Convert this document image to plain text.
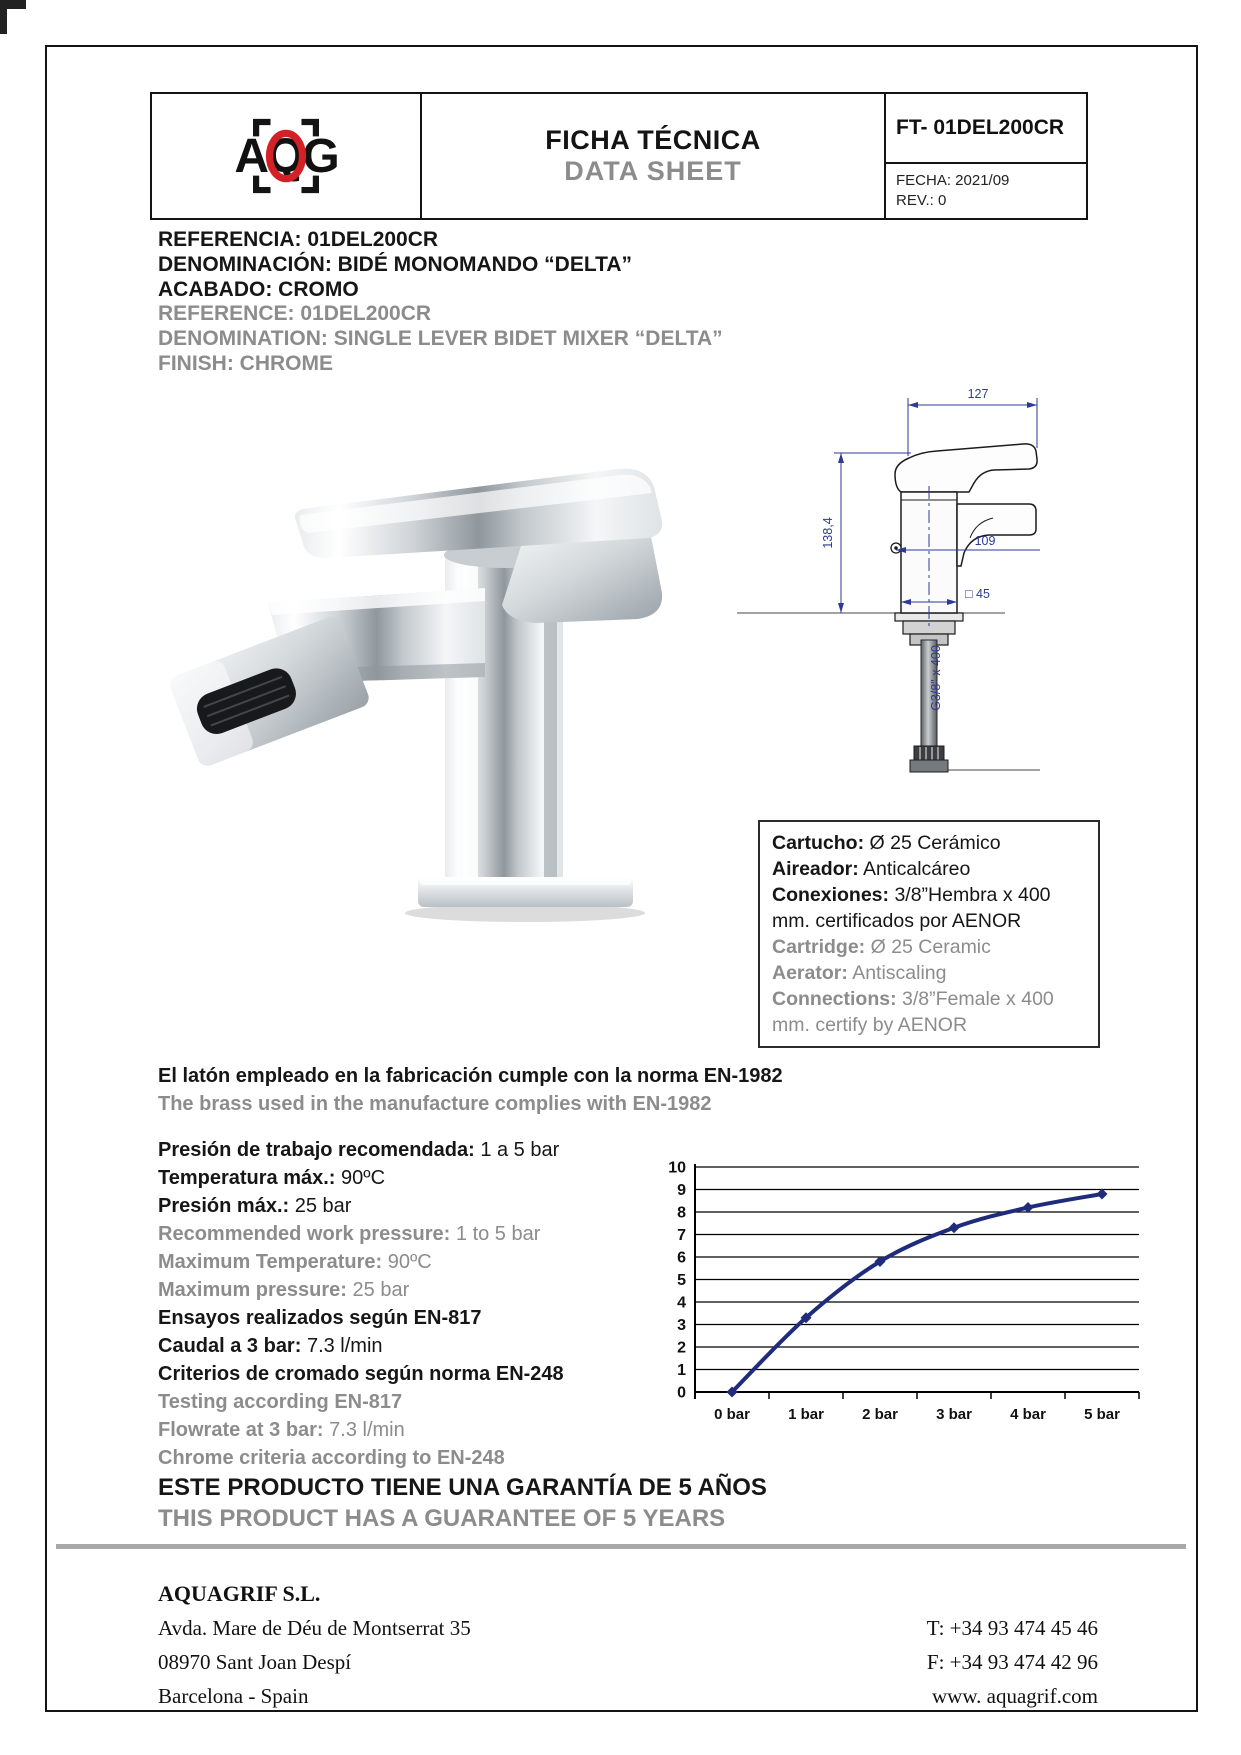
AQG	FICHA TÉCNICA
DATA SHEET
FT- 01DEL200CR
FECHA: 2021/09
REV.: 0
REFERENCIA: 01DEL200CR
DENOMINACIÓN: BIDÉ MONOMANDO “DELTA”
ACABADO: CROMO
REFERENCE: 01DEL200CR
DENOMINATION: SINGLE LEVER BIDET MIXER “DELTA”
FINISH: CHROME
127
138,4	109
□ 45
G3/8" x 400
Cartucho: Ø 25 Cerámico
Aireador: Anticalcáreo
Conexiones: 3/8”Hembra x 400 mm. certificados por AENOR
Cartridge: Ø 25 Ceramic
Aerator: Antiscaling
Connections: 3/8”Female x 400 mm. certify by AENOR
El latón empleado en la fabricación cumple con la norma EN-1982
The brass used in the manufacture complies with EN-1982
Presión de trabajo recomendada: 1 a 5 bar
Temperatura máx.: 90ºC
Presión máx.: 25 bar
Recommended work pressure: 1 to 5 bar
Maximum Temperature: 90ºC
Maximum pressure: 25 bar
Ensayos realizados según EN-817
Caudal a 3 bar: 7.3 l/min
Criterios de cromado según norma EN-248
Testing according EN-817
Flowrate at 3 bar: 7.3 l/min
Chrome criteria according to EN-248
0
1
2
3
4
5
6
7
8
9
10
0 bar	1 bar	2 bar	3 bar	4 bar	5 bar
ESTE PRODUCTO TIENE UNA GARANTÍA DE 5 AÑOS
THIS PRODUCT HAS A GUARANTEE OF 5 YEARS
AQUAGRIF S.L.
Avda. Mare de Déu de Montserrat 35
08970 Sant Joan Despí
Barcelona - Spain
T: +34 93 474 45 46
F: +34 93 474 42 96
www. aquagrif.com
